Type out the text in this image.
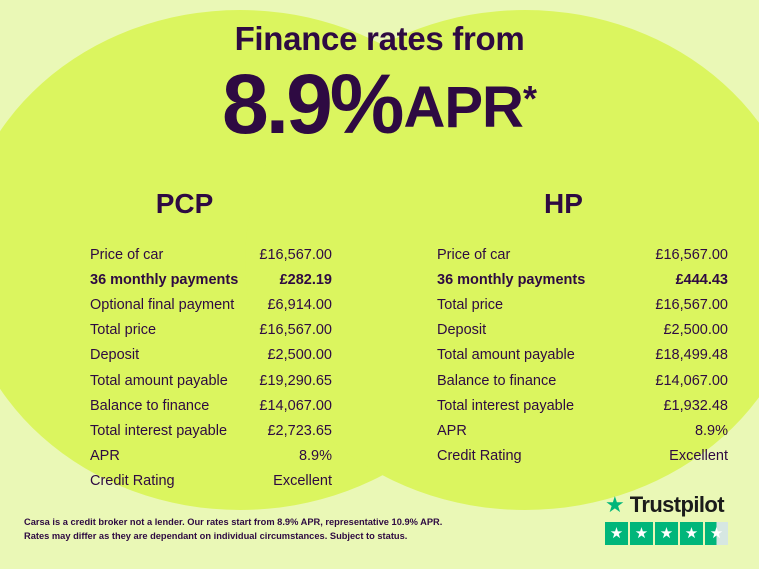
Finance rates from
8.9%APR*
PCP
Price of car	£16,567.00
36 monthly payments	£282.19
Optional final payment £6,914.00
Total price	£16,567.00
Deposit	£2,500.00
Total amount payable £19,290.65
Balance to finance	£14,067.00
Total interest payable	£2,723.65
APR	8.9%
Credit Rating	Excellent
HP
Price of car	£16,567.00
36 monthly payments	£444.43
Total price	£16,567.00
Deposit	£2,500.00
Total amount payable	£18,499.48
Balance to finance	£14,067.00
Total interest payable	£1,932.48
APR	8.9%
Credit Rating	Excellent
Carsa is a credit broker not a lender. Our rates start from 8.9% APR, representative 10.9% APR.
Rates may differ as they are dependant on individual circumstances. Subject to status.
★ Trustpilot
★ ★ ★ ★ ★
